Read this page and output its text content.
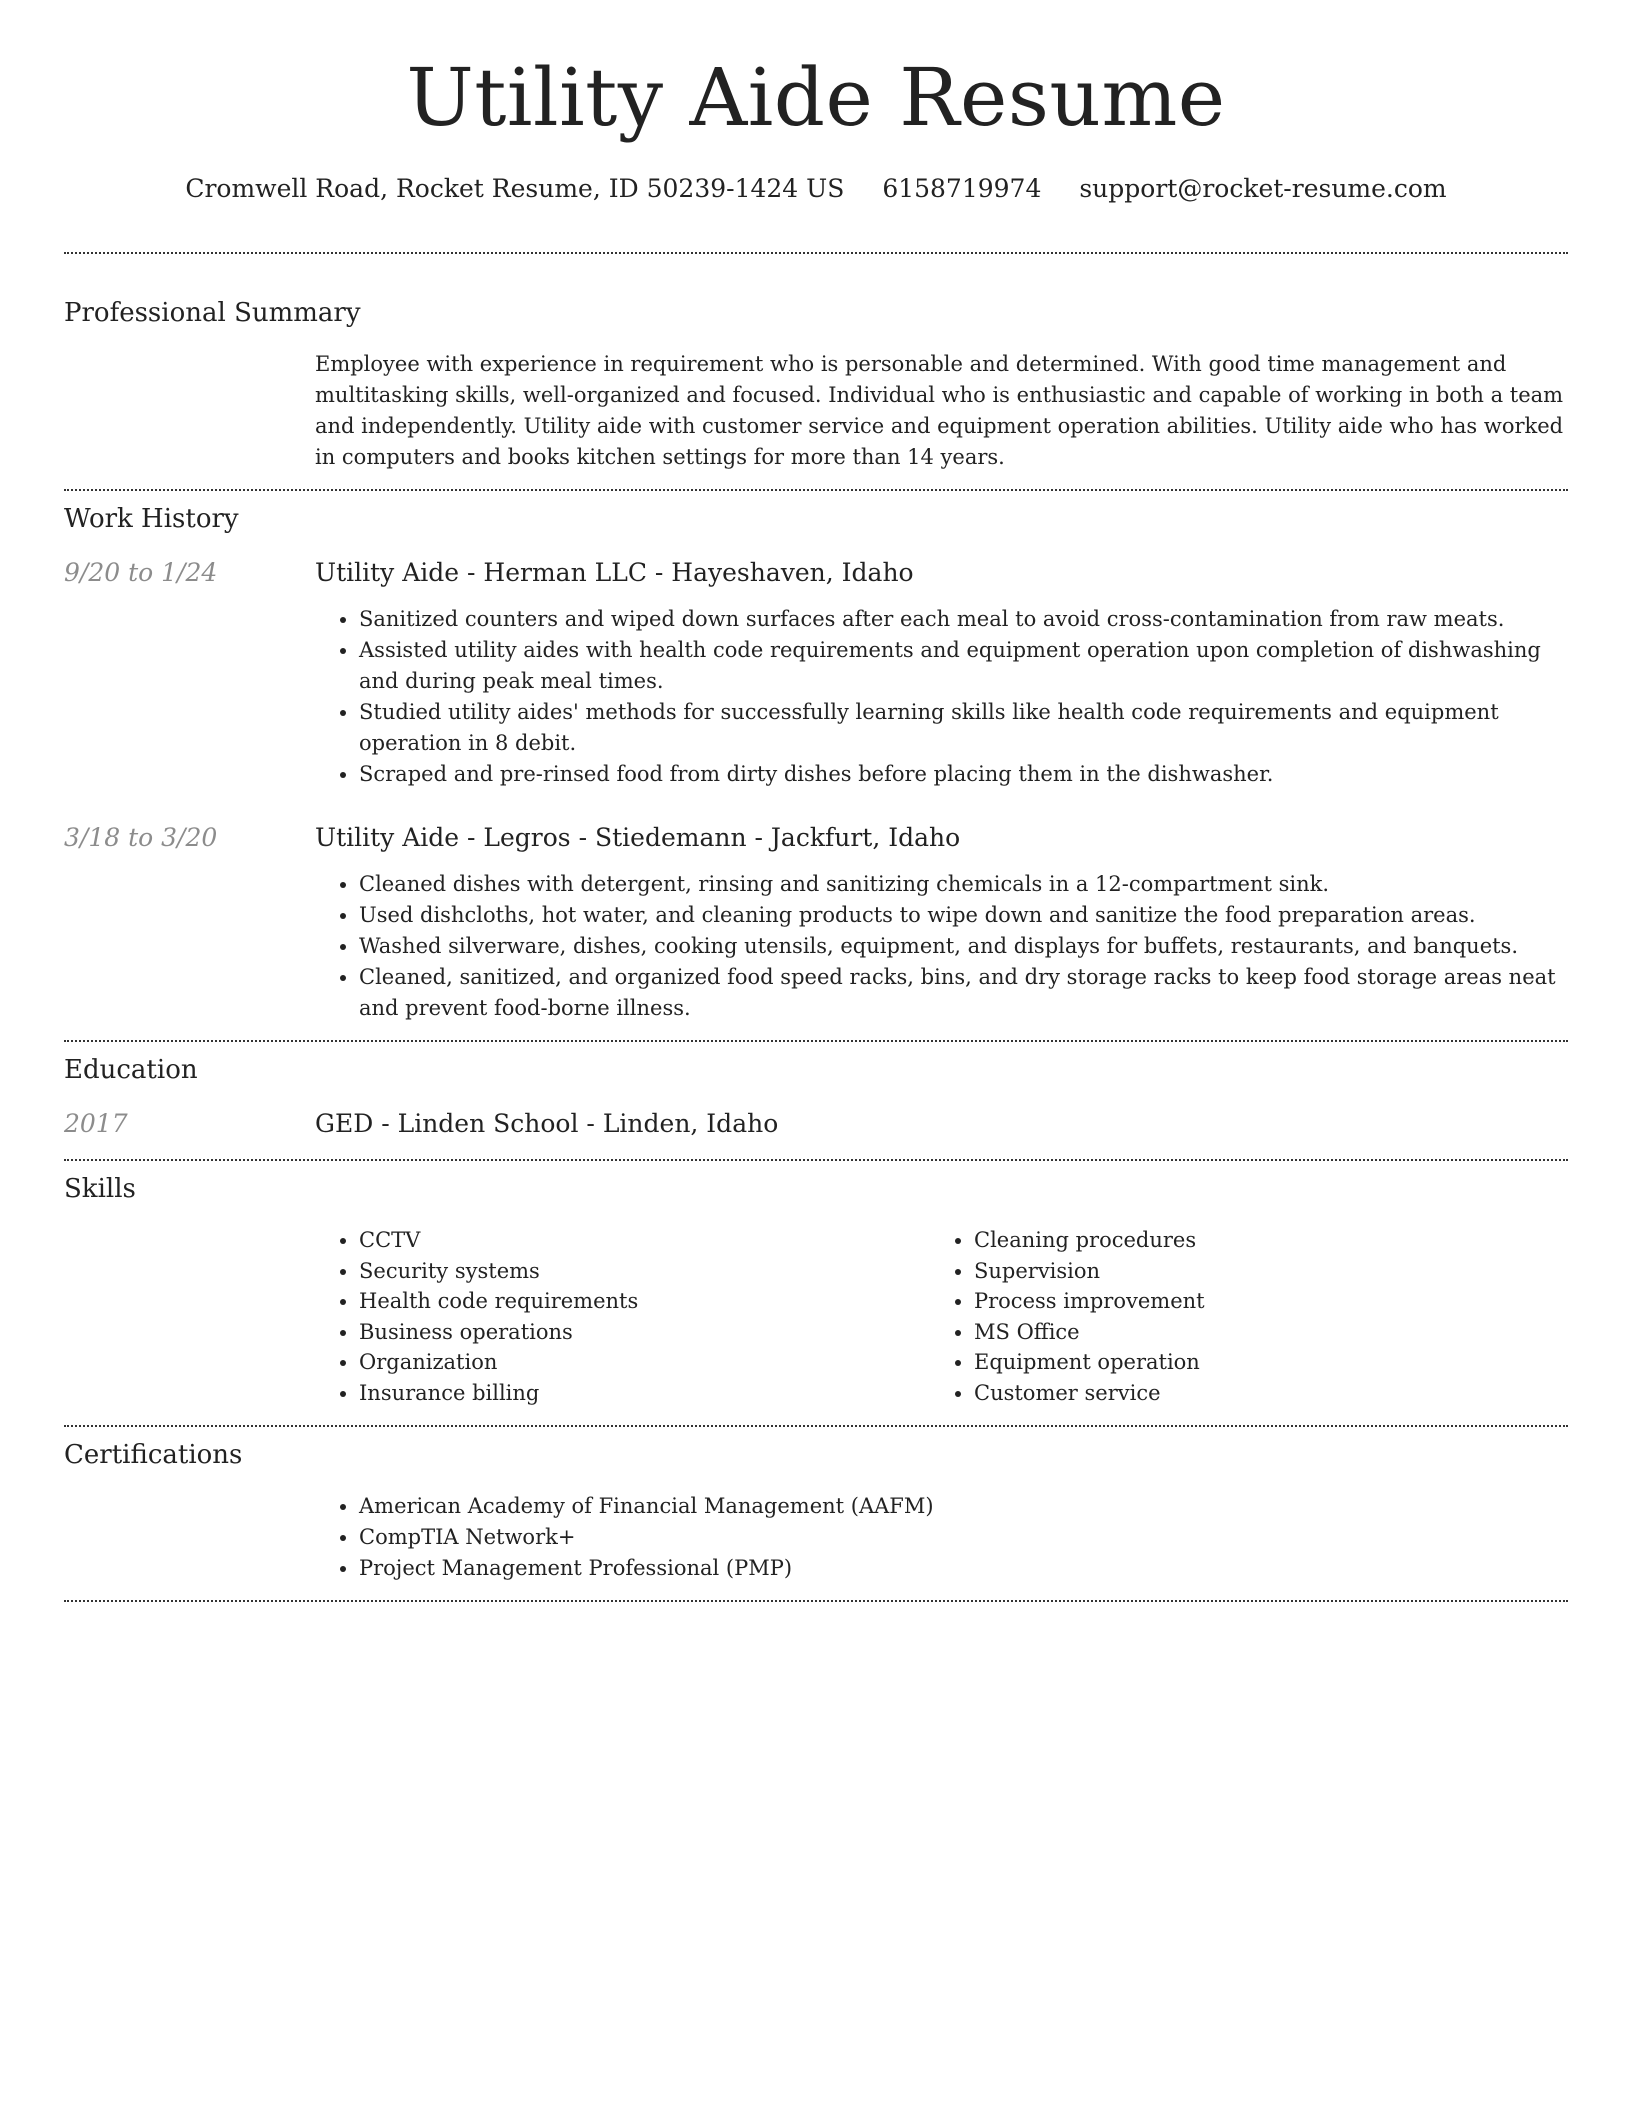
Utility Aide Resume
Cromwell Road, Rocket Resume, ID 50239-1424 US 6158719974 support@rocket-resume.com
Professional Summary
Employee with experience in requirement who is personable and determined. With good time management and multitasking skills, well-organized and focused. Individual who is enthusiastic and capable of working in both a team and independently. Utility aide with customer service and equipment operation abilities. Utility aide who has worked in computers and books kitchen settings for more than 14 years.
Work History
9/20 to 1/24	Utility Aide - Herman LLC - Hayeshaven, Idaho
• Sanitized counters and wiped down surfaces after each meal to avoid cross-contamination from raw meats.
• Assisted utility aides with health code requirements and equipment operation upon completion of dishwashing and during peak meal times.
• Studied utility aides' methods for successfully learning skills like health code requirements and equipment operation in 8 debit.
• Scraped and pre-rinsed food from dirty dishes before placing them in the dishwasher.
3/18 to 3/20	Utility Aide - Legros - Stiedemann - Jackfurt, Idaho
• Cleaned dishes with detergent, rinsing and sanitizing chemicals in a 12-compartment sink.
• Used dishcloths, hot water, and cleaning products to wipe down and sanitize the food preparation areas.
• Washed silverware, dishes, cooking utensils, equipment, and displays for buffets, restaurants, and banquets.
• Cleaned, sanitized, and organized food speed racks, bins, and dry storage racks to keep food storage areas neat and prevent food-borne illness.
Education
2017	GED - Linden School - Linden, Idaho
Skills
• CCTV
• Security systems
• Health code requirements
• Business operations
• Organization
• Insurance billing
• Cleaning procedures
• Supervision
• Process improvement
• MS Office
• Equipment operation
• Customer service
Certifications
• American Academy of Financial Management (AAFM)
• CompTIA Network+
• Project Management Professional (PMP)
